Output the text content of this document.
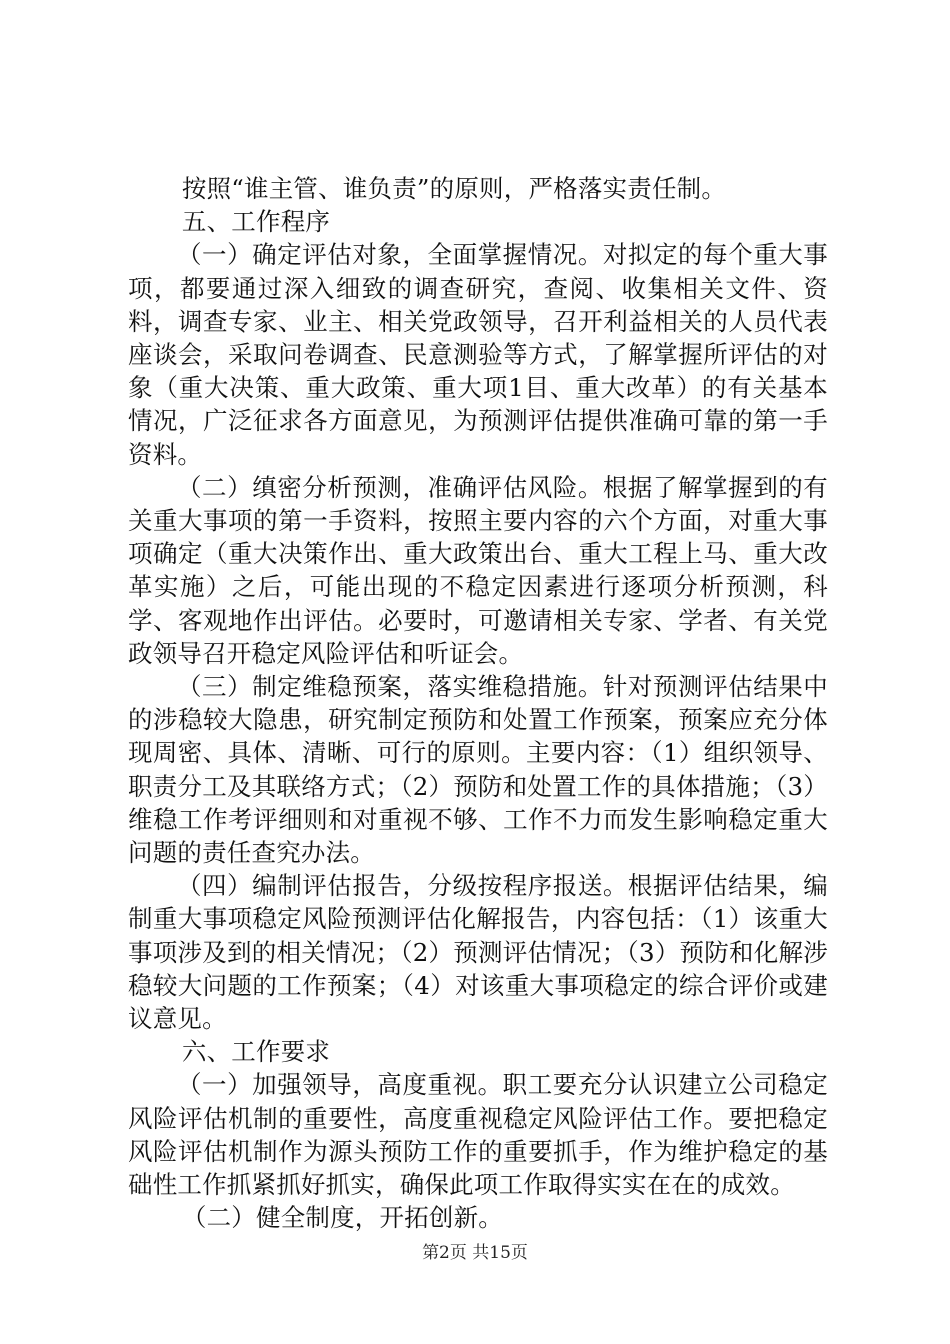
按照“谁主管、谁负责”的原则，严格落实责任制。

五、工作程序

（一）确定评估对象，全面掌握情况。对拟定的每个重大事项，都要通过深入细致的调查研究，查阅、收集相关文件、资料，调查专家、业主、相关党政领导，召开利益相关的人员代表座谈会，采取问卷调查、民意测验等方式，了解掌握所评估的对象（重大决策、重大政策、重大项1目、重大改革）的有关基本情况，广泛征求各方面意见，为预测评估提供准确可靠的第一手资料。

（二）缜密分析预测，准确评估风险。根据了解掌握到的有关重大事项的第一手资料，按照主要内容的六个方面，对重大事项确定（重大决策作出、重大政策出台、重大工程上马、重大改革实施）之后，可能出现的不稳定因素进行逐项分析预测，科学、客观地作出评估。必要时，可邀请相关专家、学者、有关党政领导召开稳定风险评估和听证会。

（三）制定维稳预案，落实维稳措施。针对预测评估结果中的涉稳较大隐患，研究制定预防和处置工作预案，预案应充分体现周密、具体、清晰、可行的原则。主要内容：（1）组织领导、职责分工及其联络方式；（2）预防和处置工作的具体措施；（3）维稳工作考评细则和对重视不够、工作不力而发生影响稳定重大问题的责任查究办法。

（四）编制评估报告，分级按程序报送。根据评估结果，编制重大事项稳定风险预测评估化解报告，内容包括：（1）该重大事项涉及到的相关情况；（2）预测评估情况；（3）预防和化解涉稳较大问题的工作预案；（4）对该重大事项稳定的综合评价或建议意见。

六、工作要求

（一）加强领导，高度重视。职工要充分认识建立公司稳定风险评估机制的重要性，高度重视稳定风险评估工作。要把稳定风险评估机制作为源头预防工作的重要抓手，作为维护稳定的基础性工作抓紧抓好抓实，确保此项工作取得实实在在的成效。

（二）健全制度，开拓创新。

第2页 共15页
